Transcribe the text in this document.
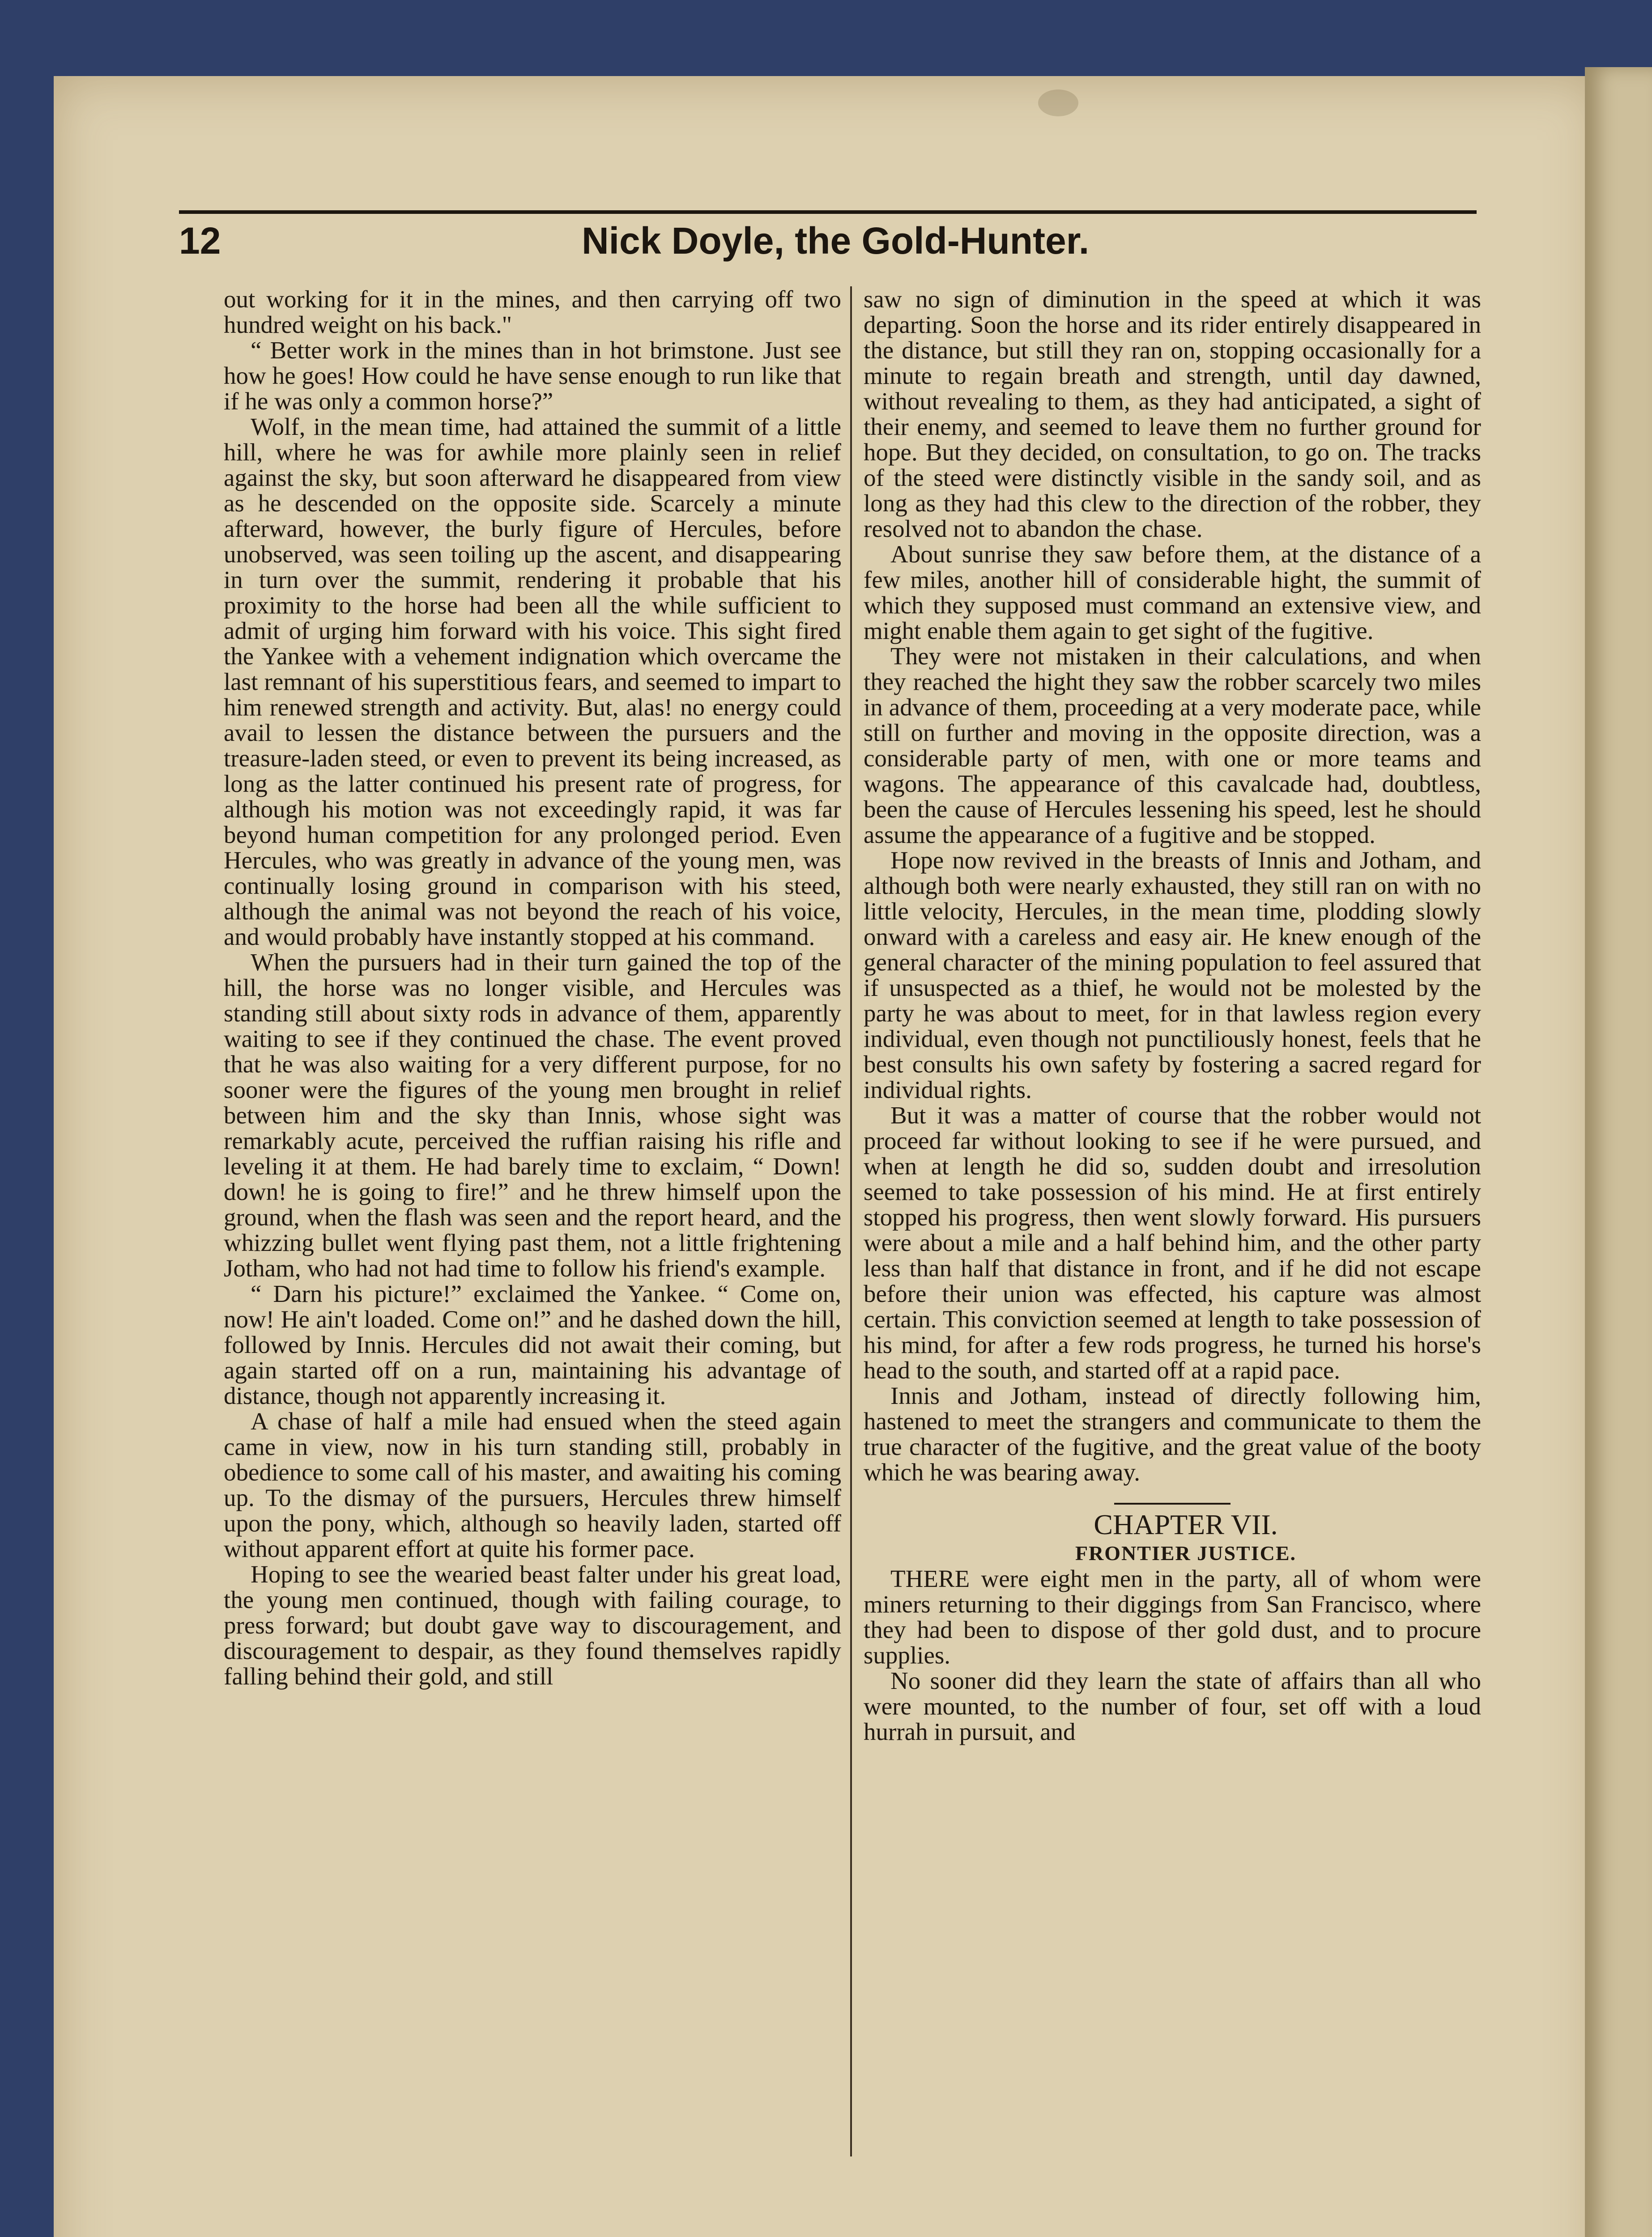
12	Nick Doyle, the Gold-Hunter.

out working for it in the mines, and then carrying off two hundred weight on his back."

“ Better work in the mines than in hot brimstone. Just see how he goes! How could he have sense enough to run like that if he was only a common horse?”

Wolf, in the mean time, had attained the summit of a little hill, where he was for awhile more plainly seen in relief against the sky, but soon afterward he disappeared from view as he descended on the opposite side. Scarcely a minute afterward, however, the burly figure of Hercules, before unobserved, was seen toiling up the ascent, and disappearing in turn over the summit, rendering it probable that his proximity to the horse had been all the while sufficient to admit of urging him forward with his voice. This sight fired the Yankee with a vehement indignation which overcame the last remnant of his superstitious fears, and seemed to impart to him renewed strength and activity. But, alas! no energy could avail to lessen the distance between the pursuers and the treasure-laden steed, or even to prevent its being increased, as long as the latter continued his present rate of progress, for although his motion was not exceedingly rapid, it was far beyond human competition for any prolonged period. Even Hercules, who was greatly in advance of the young men, was continually losing ground in comparison with his steed, although the animal was not beyond the reach of his voice, and would probably have instantly stopped at his command.

When the pursuers had in their turn gained the top of the hill, the horse was no longer visible, and Hercules was standing still about sixty rods in advance of them, apparently waiting to see if they continued the chase. The event proved that he was also waiting for a very different purpose, for no sooner were the figures of the young men brought in relief between him and the sky than Innis, whose sight was remarkably acute, perceived the ruffian raising his rifle and leveling it at them. He had barely time to exclaim, “ Down! down! he is going to fire!” and he threw himself upon the ground, when the flash was seen and the report heard, and the whizzing bullet went flying past them, not a little frightening Jotham, who had not had time to follow his friend's example.

“ Darn his picture!” exclaimed the Yankee. “ Come on, now! He ain't loaded. Come on!” and he dashed down the hill, followed by Innis. Hercules did not await their coming, but again started off on a run, maintaining his advantage of distance, though not apparently increasing it.

A chase of half a mile had ensued when the steed again came in view, now in his turn standing still, probably in obedience to some call of his master, and awaiting his coming up. To the dismay of the pursuers, Hercules threw himself upon the pony, which, although so heavily laden, started off without apparent effort at quite his former pace.

Hoping to see the wearied beast falter under his great load, the young men continued, though with failing courage, to press forward; but doubt gave way to discouragement, and discouragement to despair, as they found themselves rapidly falling behind their gold, and still

saw no sign of diminution in the speed at which it was departing. Soon the horse and its rider entirely disappeared in the distance, but still they ran on, stopping occasionally for a minute to regain breath and strength, until day dawned, without revealing to them, as they had anticipated, a sight of their enemy, and seemed to leave them no further ground for hope. But they decided, on consultation, to go on. The tracks of the steed were distinctly visible in the sandy soil, and as long as they had this clew to the direction of the robber, they resolved not to abandon the chase.

About sunrise they saw before them, at the distance of a few miles, another hill of considerable hight, the summit of which they supposed must command an extensive view, and might enable them again to get sight of the fugitive.

They were not mistaken in their calculations, and when they reached the hight they saw the robber scarcely two miles in advance of them, proceeding at a very moderate pace, while still on further and moving in the opposite direction, was a considerable party of men, with one or more teams and wagons. The appearance of this cavalcade had, doubtless, been the cause of Hercules lessening his speed, lest he should assume the appearance of a fugitive and be stopped.

Hope now revived in the breasts of Innis and Jotham, and although both were nearly exhausted, they still ran on with no little velocity, Hercules, in the mean time, plodding slowly onward with a careless and easy air. He knew enough of the general character of the mining population to feel assured that if unsuspected as a thief, he would not be molested by the party he was about to meet, for in that lawless region every individual, even though not punctiliously honest, feels that he best consults his own safety by fostering a sacred regard for individual rights.

But it was a matter of course that the robber would not proceed far without looking to see if he were pursued, and when at length he did so, sudden doubt and irresolution seemed to take possession of his mind. He at first entirely stopped his progress, then went slowly forward. His pursuers were about a mile and a half behind him, and the other party less than half that distance in front, and if he did not escape before their union was effected, his capture was almost certain. This conviction seemed at length to take possession of his mind, for after a few rods progress, he turned his horse's head to the south, and started off at a rapid pace.

Innis and Jotham, instead of directly following him, hastened to meet the strangers and communicate to them the true character of the fugitive, and the great value of the booty which he was bearing away.

CHAPTER VII.

FRONTIER JUSTICE.

THERE were eight men in the party, all of whom were miners returning to their diggings from San Francisco, where they had been to dispose of ther gold dust, and to procure supplies.

No sooner did they learn the state of affairs than all who were mounted, to the number of four, set off with a loud hurrah in pursuit, and
